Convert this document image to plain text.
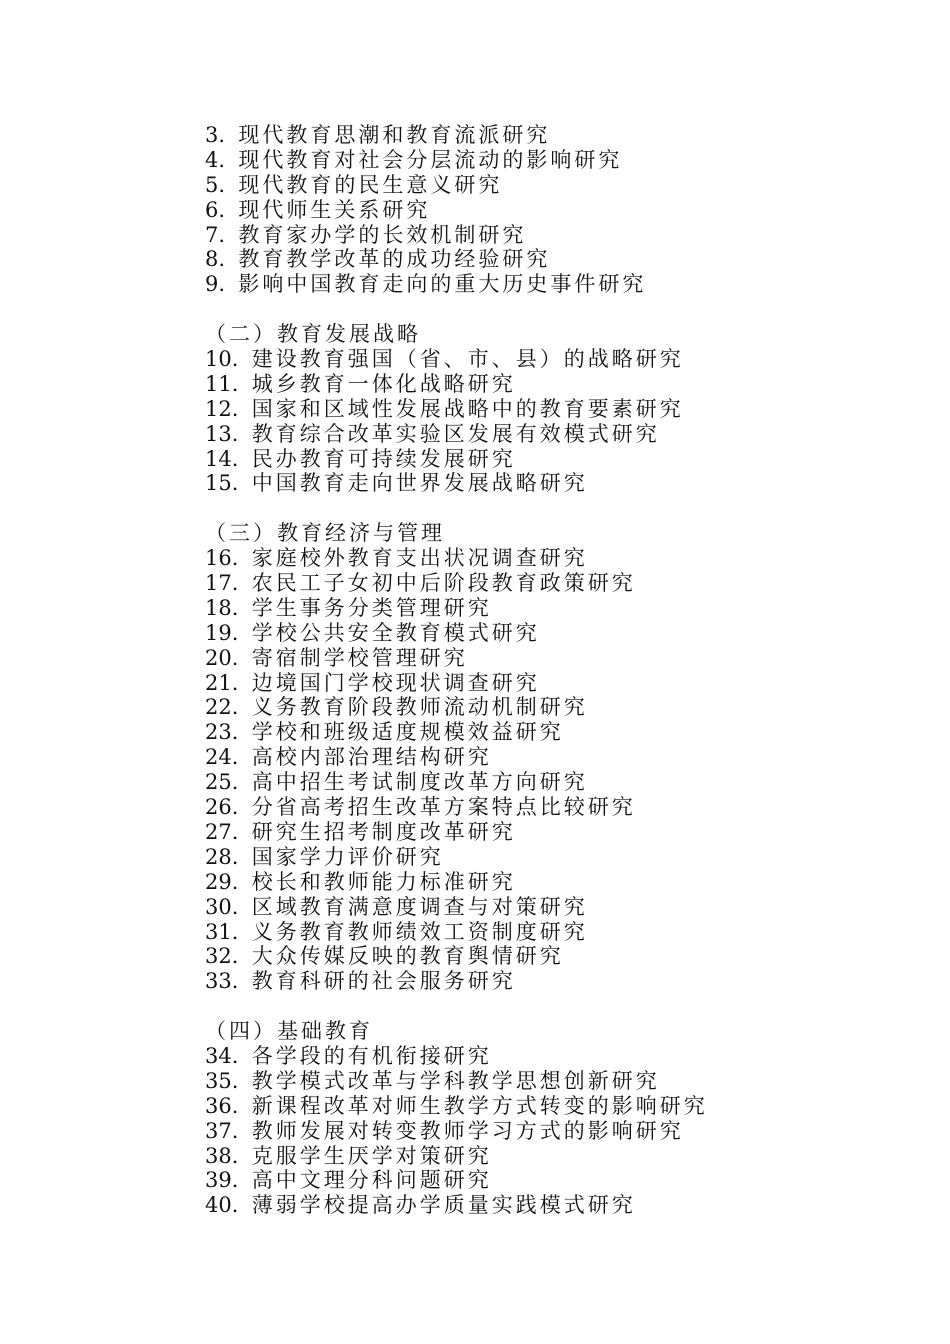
3. 现代教育思潮和教育流派研究
4. 现代教育对社会分层流动的影响研究
5. 现代教育的民生意义研究
6. 现代师生关系研究
7. 教育家办学的长效机制研究
8. 教育教学改革的成功经验研究
9. 影响中国教育走向的重大历史事件研究
（二）教育发展战略
10. 建设教育强国（省、市、县）的战略研究
11. 城乡教育一体化战略研究
12. 国家和区域性发展战略中的教育要素研究
13. 教育综合改革实验区发展有效模式研究
14. 民办教育可持续发展研究
15. 中国教育走向世界发展战略研究
（三）教育经济与管理
16. 家庭校外教育支出状况调查研究
17. 农民工子女初中后阶段教育政策研究
18. 学生事务分类管理研究
19. 学校公共安全教育模式研究
20. 寄宿制学校管理研究
21. 边境国门学校现状调查研究
22. 义务教育阶段教师流动机制研究
23. 学校和班级适度规模效益研究
24. 高校内部治理结构研究
25. 高中招生考试制度改革方向研究
26. 分省高考招生改革方案特点比较研究
27. 研究生招考制度改革研究
28. 国家学力评价研究
29. 校长和教师能力标准研究
30. 区域教育满意度调查与对策研究
31. 义务教育教师绩效工资制度研究
32. 大众传媒反映的教育舆情研究
33. 教育科研的社会服务研究
（四）基础教育
34. 各学段的有机衔接研究
35. 教学模式改革与学科教学思想创新研究
36. 新课程改革对师生教学方式转变的影响研究
37. 教师发展对转变教师学习方式的影响研究
38. 克服学生厌学对策研究
39. 高中文理分科问题研究
40. 薄弱学校提高办学质量实践模式研究
